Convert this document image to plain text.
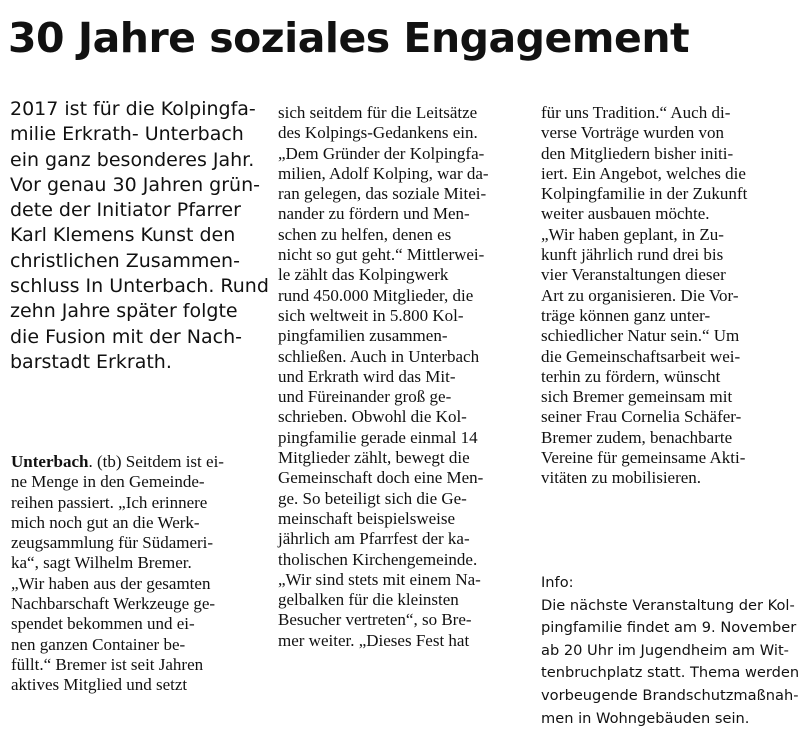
30 Jahre soziales Engagement
2017 ist für die Kolpingfa-
milie Erkrath- Unterbach
ein ganz besonderes Jahr.
Vor genau 30 Jahren grün-
dete der Initiator Pfarrer
Karl Klemens Kunst den
christlichen Zusammen-
schluss In Unterbach. Rund
zehn Jahre später folgte
die Fusion mit der Nach-
barstadt Erkrath.
Unterbach. (tb) Seitdem ist ei-
ne Menge in den Gemeinde-
reihen passiert. „Ich erinnere
mich noch gut an die Werk-
zeugsammlung für Südameri-
ka“, sagt Wilhelm Bremer.
„Wir haben aus der gesamten
Nachbarschaft Werkzeuge ge-
spendet bekommen und ei-
nen ganzen Container be-
füllt.“ Bremer ist seit Jahren
aktives Mitglied und setzt
sich seitdem für die Leitsätze
des Kolpings-Gedankens ein.
„Dem Gründer der Kolpingfa-
milien, Adolf Kolping, war da-
ran gelegen, das soziale Mitei-
nander zu fördern und Men-
schen zu helfen, denen es
nicht so gut geht.“ Mittlerwei-
le zählt das Kolpingwerk
rund 450.000 Mitglieder, die
sich weltweit in 5.800 Kol-
pingfamilien zusammen-
schließen. Auch in Unterbach
und Erkrath wird das Mit-
und Füreinander groß ge-
schrieben. Obwohl die Kol-
pingfamilie gerade einmal 14
Mitglieder zählt, bewegt die
Gemeinschaft doch eine Men-
ge. So beteiligt sich die Ge-
meinschaft beispielsweise
jährlich am Pfarrfest der ka-
tholischen Kirchengemeinde.
„Wir sind stets mit einem Na-
gelbalken für die kleinsten
Besucher vertreten“, so Bre-
mer weiter. „Dieses Fest hat
für uns Tradition.“ Auch di-
verse Vorträge wurden von
den Mitgliedern bisher initi-
iert. Ein Angebot, welches die
Kolpingfamilie in der Zukunft
weiter ausbauen möchte.
„Wir haben geplant, in Zu-
kunft jährlich rund drei bis
vier Veranstaltungen dieser
Art zu organisieren. Die Vor-
träge können ganz unter-
schiedlicher Natur sein.“ Um
die Gemeinschaftsarbeit wei-
terhin zu fördern, wünscht
sich Bremer gemeinsam mit
seiner Frau Cornelia Schäfer-
Bremer zudem, benachbarte
Vereine für gemeinsame Akti-
vitäten zu mobilisieren.
Info:
Die nächste Veranstaltung der Kol-
pingfamilie findet am 9. November
ab 20 Uhr im Jugendheim am Wit-
tenbruchplatz statt. Thema werden
vorbeugende Brandschutzmaßnah-
men in Wohngebäuden sein.
